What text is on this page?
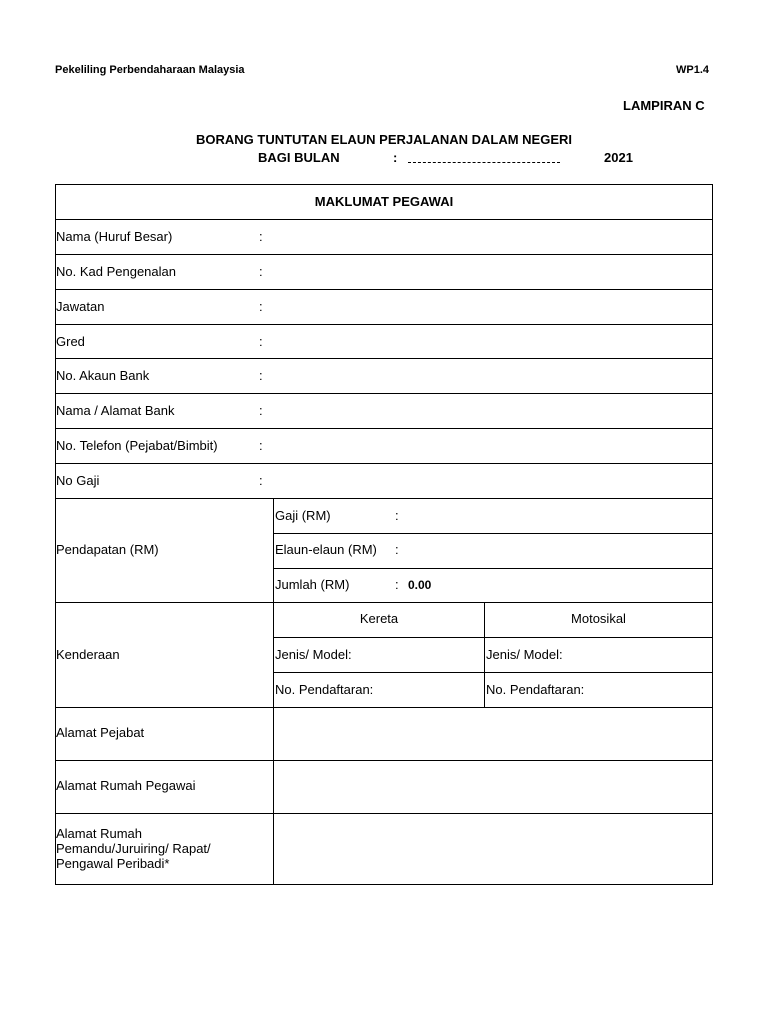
Pekeliling Perbendaharaan Malaysia	WP1.4
LAMPIRAN C
BORANG TUNTUTAN ELAUN PERJALANAN DALAM NEGERI
BAGI BULAN	:	2021
MAKLUMAT PEGAWAI
Nama (Huruf Besar)	:
No. Kad Pengenalan	:
Jawatan	:
Gred	:
No. Akaun Bank	:
Nama / Alamat Bank	:
No. Telefon (Pejabat/Bimbit)	:
No Gaji	:
Pendapatan (RM)
Gaji (RM)	:
Elaun-elaun (RM) :
Jumlah (RM)	: 0.00
Kenderaan
Kereta	Motosikal
Jenis/ Model:	Jenis/ Model:
No. Pendaftaran:	No. Pendaftaran:
Alamat Pejabat
Alamat Rumah Pegawai
Alamat Rumah
Pemandu/Juruiring/ Rapat/
Pengawal Peribadi*
